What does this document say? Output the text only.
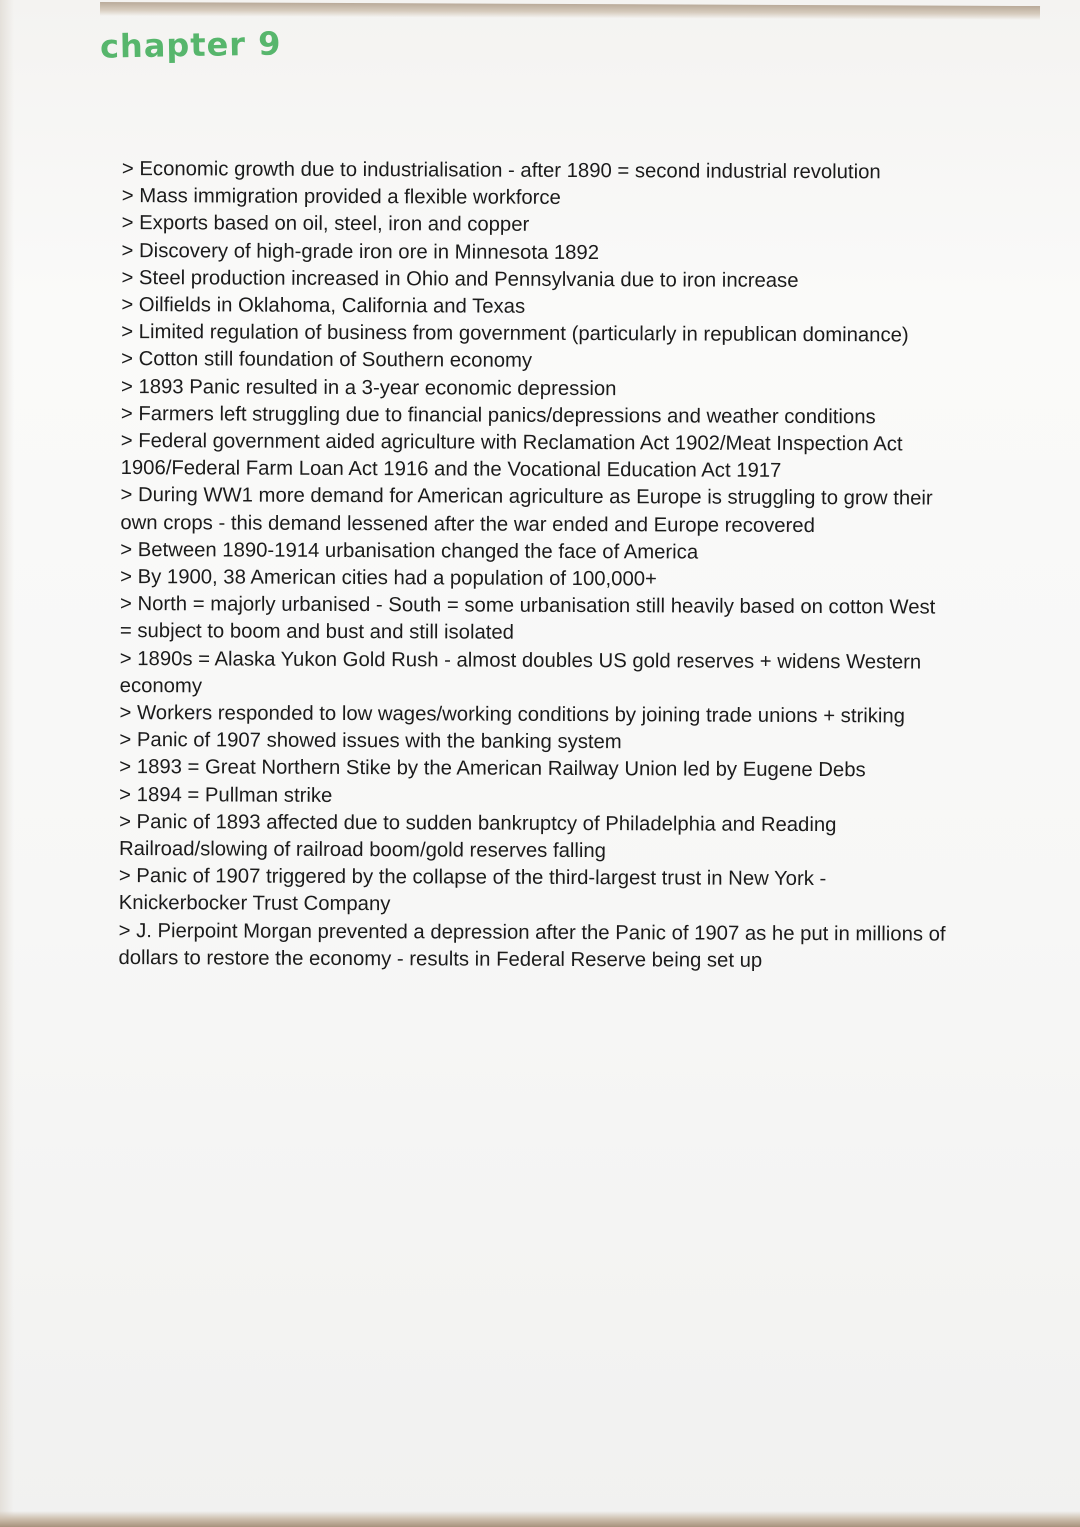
chapter 9

> Economic growth due to industrialisation - after 1890 = second industrial revolution

> Mass immigration provided a flexible workforce

> Exports based on oil, steel, iron and copper

> Discovery of high-grade iron ore in Minnesota 1892

> Steel production increased in Ohio and Pennsylvania due to iron increase

> Oilfields in Oklahoma, California and Texas

> Limited regulation of business from government (particularly in republican dominance)

> Cotton still foundation of Southern economy

> 1893 Panic resulted in a 3-year economic depression

> Farmers left struggling due to financial panics/depressions and weather conditions

> Federal government aided agriculture with Reclamation Act 1902/Meat Inspection Act 1906/Federal Farm Loan Act 1916 and the Vocational Education Act 1917

> During WW1 more demand for American agriculture as Europe is struggling to grow their own crops - this demand lessened after the war ended and Europe recovered

> Between 1890-1914 urbanisation changed the face of America

> By 1900, 38 American cities had a population of 100,000+

> North = majorly urbanised - South = some urbanisation still heavily based on cotton West = subject to boom and bust and still isolated

> 1890s = Alaska Yukon Gold Rush - almost doubles US gold reserves + widens Western economy

> Workers responded to low wages/working conditions by joining trade unions + striking

> Panic of 1907 showed issues with the banking system

> 1893 = Great Northern Stike by the American Railway Union led by Eugene Debs

> 1894 = Pullman strike

> Panic of 1893 affected due to sudden bankruptcy of Philadelphia and Reading Railroad/slowing of railroad boom/gold reserves falling

> Panic of 1907 triggered by the collapse of the third-largest trust in New York - Knickerbocker Trust Company

> J. Pierpoint Morgan prevented a depression after the Panic of 1907 as he put in millions of dollars to restore the economy - results in Federal Reserve being set up
